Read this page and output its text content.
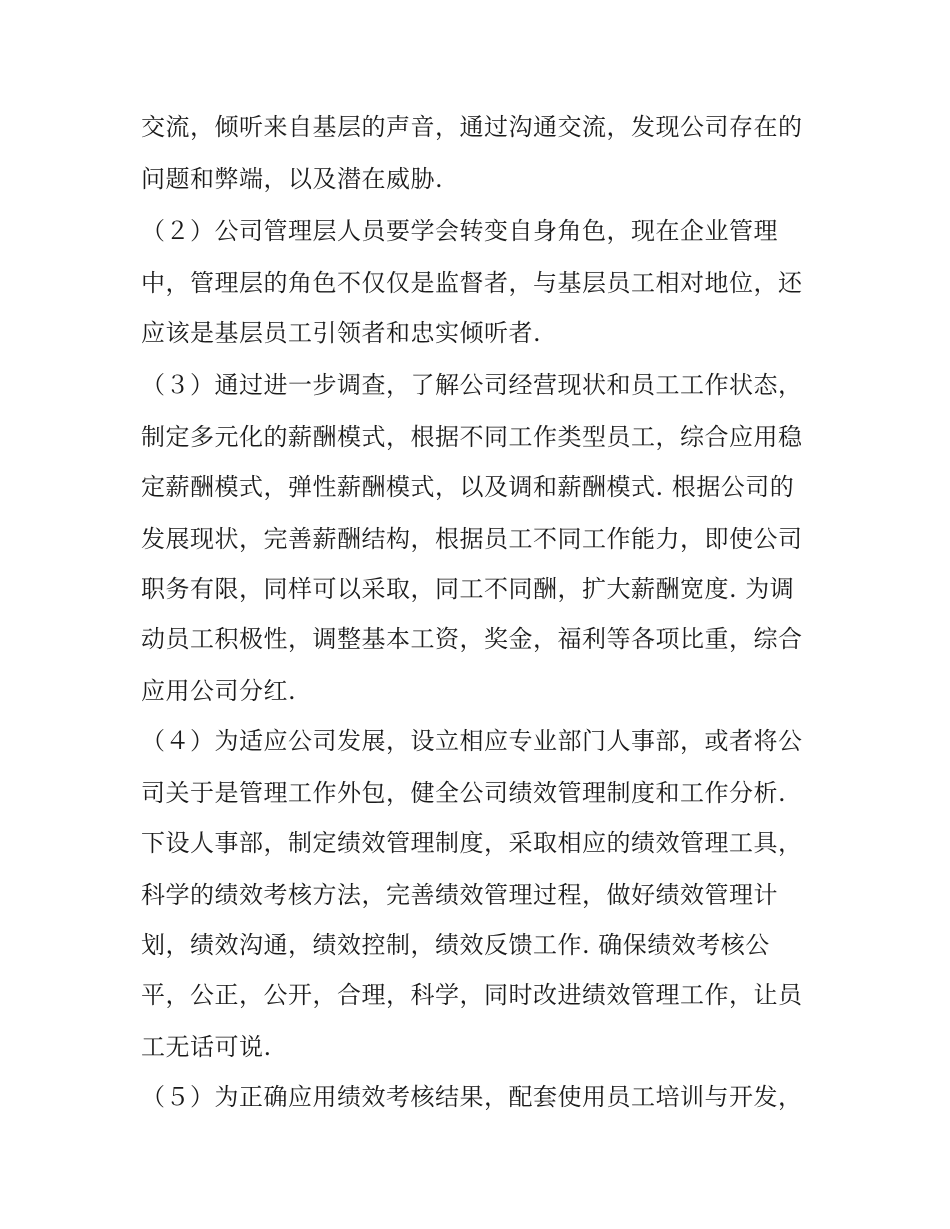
交流，倾听来自基层的声音，通过沟通交流，发现公司存在的

问题和弊端，以及潜在威胁.

（２）公司管理层人员要学会转变自身角色，现在企业管理

中，管理层的角色不仅仅是监督者，与基层员工相对地位，还

应该是基层员工引领者和忠实倾听者.

（３）通过进一步调查，了解公司经营现状和员工工作状态，

制定多元化的薪酬模式，根据不同工作类型员工，综合应用稳

定薪酬模式，弹性薪酬模式，以及调和薪酬模式. 根据公司的

发展现状，完善薪酬结构，根据员工不同工作能力，即使公司

职务有限，同样可以采取，同工不同酬，扩大薪酬宽度. 为调

动员工积极性，调整基本工资，奖金，福利等各项比重，综合

应用公司分红.

（４）为适应公司发展，设立相应专业部门人事部，或者将公

司关于是管理工作外包，健全公司绩效管理制度和工作分析.

下设人事部，制定绩效管理制度，采取相应的绩效管理工具，

科学的绩效考核方法，完善绩效管理过程，做好绩效管理计

划，绩效沟通，绩效控制，绩效反馈工作. 确保绩效考核公

平，公正，公开，合理，科学，同时改进绩效管理工作，让员

工无话可说.

（５）为正确应用绩效考核结果，配套使用员工培训与开发，
